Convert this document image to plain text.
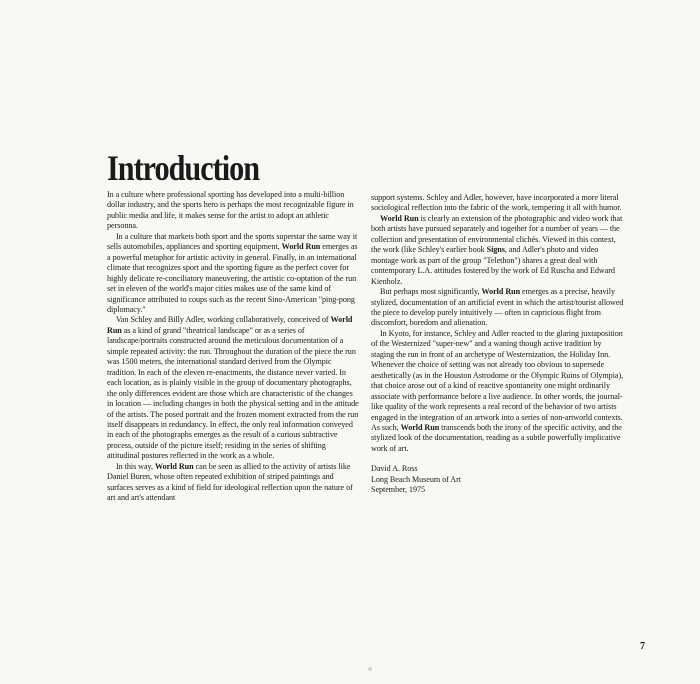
Introduction

In a culture where professional sporting has developed into a multi-billion dollar industry, and the sports hero is perhaps the most recognizable figure in public media and life, it makes sense for the artist to adopt an athletic personna.

In a culture that markets both sport and the sports superstar the same way it sells automobiles, appliances and sporting equipment, World Run emerges as a powerful metaphor for artistic activity in general. Finally, in an international climate that recognizes sport and the sporting figure as the perfect cover for highly delicate re-conciliatory maneuvering, the artistic co-optation of the run set in eleven of the world's major cities makes use of the same kind of significance attributed to coups such as the recent Sino-American "ping-pong diplomacy."

Van Schley and Billy Adler, working collaboratively, conceived of World Run as a kind of grand "theatrical landscape" or as a series of landscape/portraits constructed around the meticulous documentation of a simple repeated activity: the run. Throughout the duration of the piece the run was 1500 meters, the international standard derived from the Olympic tradition. In each of the eleven re-enactments, the distance never varied. In each location, as is plainly visible in the group of documentary photographs, the only differences evident are those which are characteristic of the changes in location — including changes in both the physical setting and in the attitude of the artists. The posed portrait and the frozen moment extracted from the run itself disappears in redundancy. In effect, the only real information conveyed in each of the photographs emerges as the result of a curious subtractive process, outside of the picture itself; residing in the series of shifting attitudinal postures reflected in the work as a whole.

In this way, World Run can be seen as allied to the activity of artists like Daniel Buren, whose often repeated exhibition of striped paintings and surfaces serves as a kind of field for ideological reflection upon the nature of art and art's attendant

support systems. Schley and Adler, however, have incorporated a more literal sociological reflection into the fabric of the work, tempering it all with humor.

World Run is clearly an extension of the photographic and video work that both artists have pursued separately and together for a number of years — the collection and presentation of environmental clichés. Viewed in this context, the work (like Schley's earlier book Signs, and Adler's photo and video montage work as part of the group "Telethon") shares a great deal with contemporary L.A. attitudes fostered by the work of Ed Ruscha and Edward Kienholz.

But perhaps most significantly, World Run emerges as a precise, heavily stylized, documentation of an artificial event in which the artist/tourist allowed the piece to develop purely intuitively — often in capricious flight from discomfort, boredom and alienation.

In Kyoto, for instance, Schley and Adler reacted to the glaring juxtaposition of the Westernized "super-new" and a waning though active tradition by staging the run in front of an archetype of Westernization, the Holiday Inn. Whenever the choice of setting was not already too obvious to supersede aesthetically (as in the Houston Astrodome or the Olympic Ruins of Olympia), that choice arose out of a kind of reactive spontaneity one might ordinarily associate with performance before a live audience. In other words, the journal-like quality of the work represents a real record of the behavior of two artists engaged in the integration of an artwork into a series of non-artworld contexts. As such, World Run transcends both the irony of the specific activity, and the stylized look of the documentation, reading as a subtle powerfully implicative work of art.

David A. Ross
Long Beach Museum of Art
September, 1975

7
